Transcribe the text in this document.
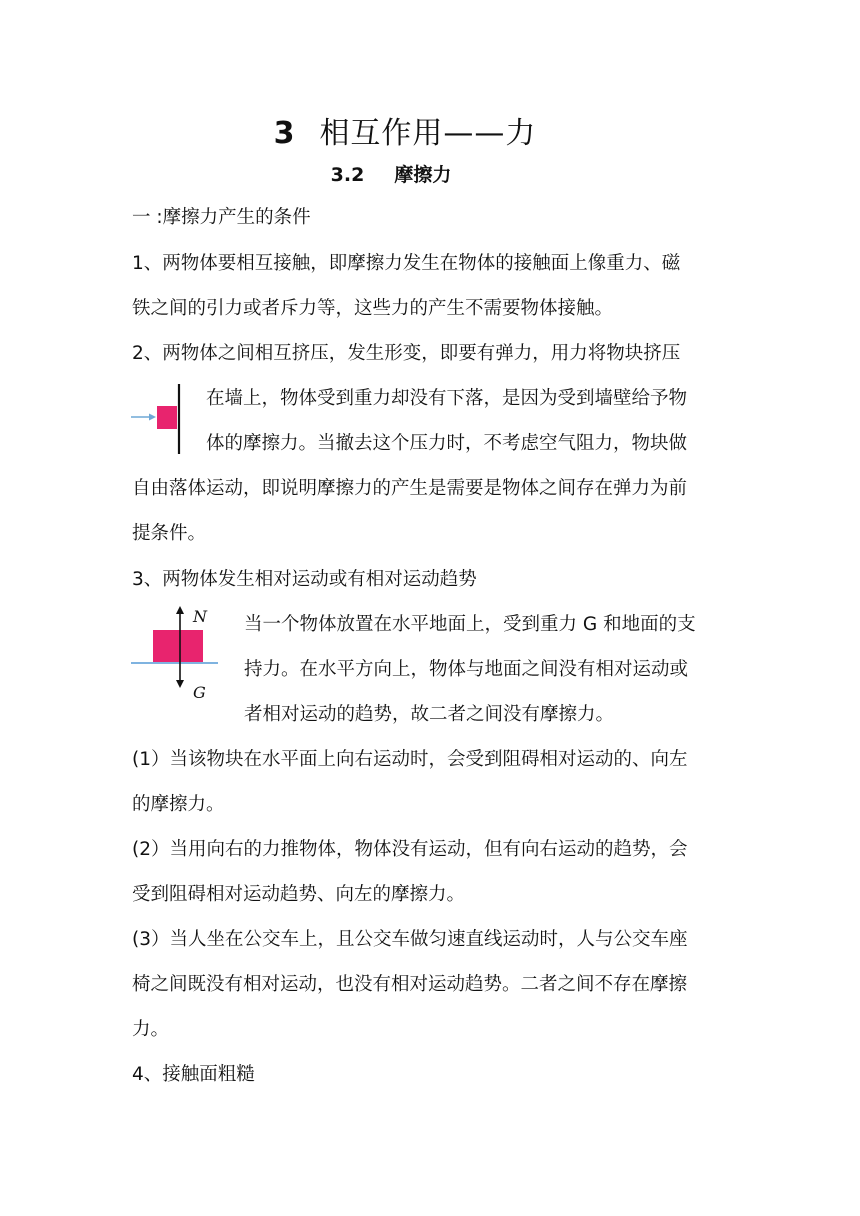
3 相互作用——力
3.2 摩擦力
一 :摩擦力产生的条件
1、两物体要相互接触，即摩擦力发生在物体的接触面上像重力、磁
铁之间的引力或者斥力等，这些力的产生不需要物体接触。
2、两物体之间相互挤压，发生形变，即要有弹力，用力将物块挤压
在墙上，物体受到重力却没有下落，是因为受到墙壁给予物
体的摩擦力。当撤去这个压力时，不考虑空气阻力，物块做
自由落体运动，即说明摩擦力的产生是需要是物体之间存在弹力为前
提条件。
3、两物体发生相对运动或有相对运动趋势
N
G
当一个物体放置在水平地面上，受到重力 G 和地面的支
持力。在水平方向上，物体与地面之间没有相对运动或
者相对运动的趋势，故二者之间没有摩擦力。
(1）当该物块在水平面上向右运动时，会受到阻碍相对运动的、向左
的摩擦力。
(2）当用向右的力推物体，物体没有运动，但有向右运动的趋势，会
受到阻碍相对运动趋势、向左的摩擦力。
(3）当人坐在公交车上，且公交车做匀速直线运动时，人与公交车座
椅之间既没有相对运动，也没有相对运动趋势。二者之间不存在摩擦
力。
4、接触面粗糙
